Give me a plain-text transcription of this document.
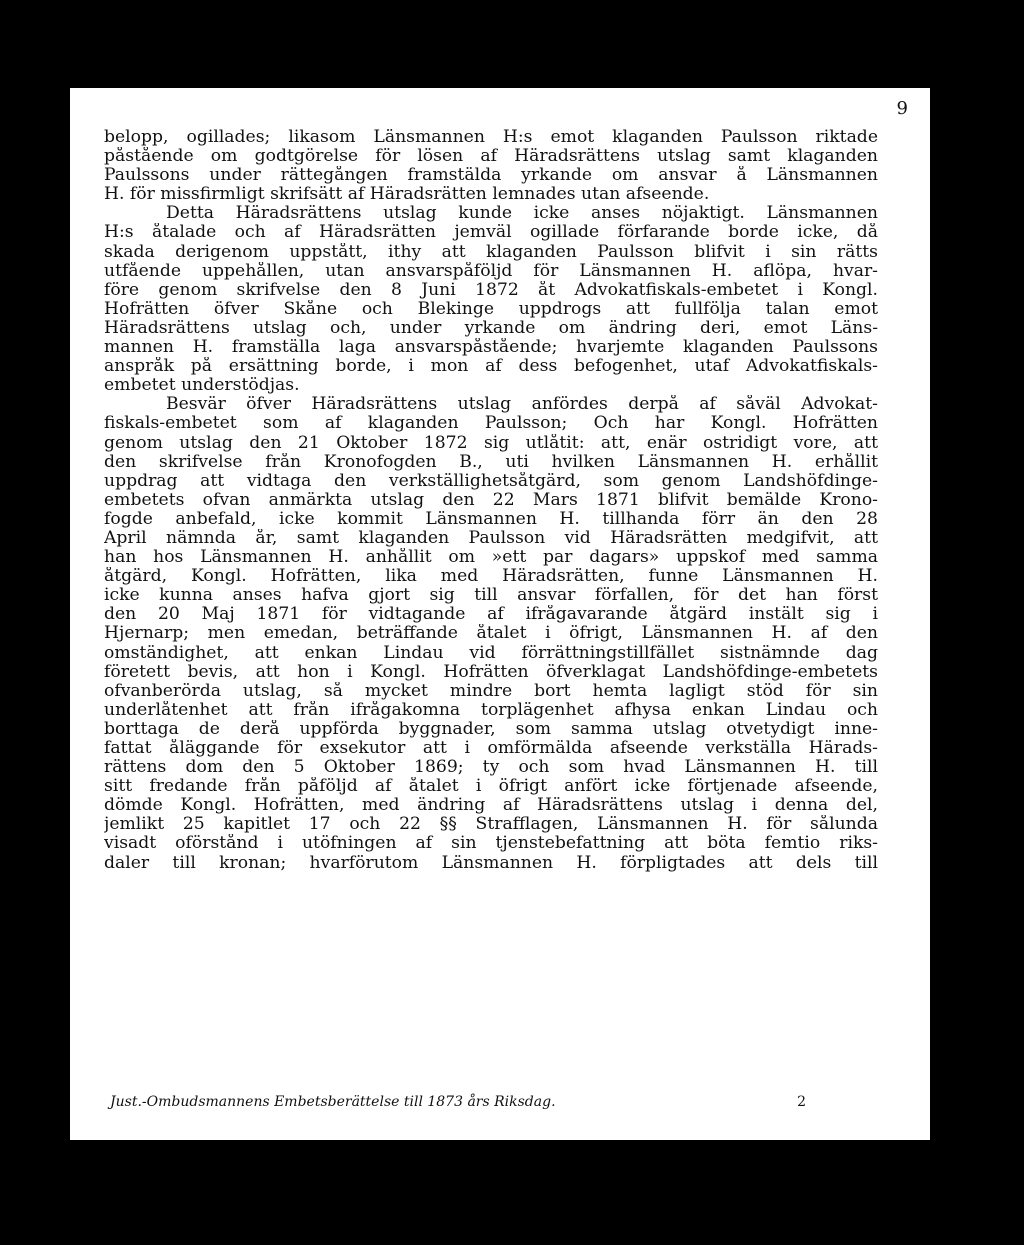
9
belopp, ogillades; likasom Länsmannen H:s emot klaganden Paulsson riktade
påstående om godtgörelse för lösen af Häradsrättens utslag samt klaganden
Paulssons under rättegången framstälda yrkande om ansvar å Länsmannen
H. för missfirmligt skrifsätt af Häradsrätten lemnades utan afseende.
Detta Häradsrättens utslag kunde icke anses nöjaktigt. Länsmannen
H:s åtalade och af Häradsrätten jemväl ogillade förfarande borde icke, då
skada derigenom uppstått, ithy att klaganden Paulsson blifvit i sin rätts
utfående uppehållen, utan ansvarspåföljd för Länsmannen H. aflöpa, hvar-
före genom skrifvelse den 8 Juni 1872 åt Advokatfiskals-embetet i Kongl.
Hofrätten öfver Skåne och Blekinge uppdrogs att fullfölja talan emot
Häradsrättens utslag och, under yrkande om ändring deri, emot Läns-
mannen H. framställa laga ansvarspåstående; hvarjemte klaganden Paulssons
anspråk på ersättning borde, i mon af dess befogenhet, utaf Advokatfiskals-
embetet understödjas.
Besvär öfver Häradsrättens utslag anfördes derpå af såväl Advokat-
fiskals-embetet som af klaganden Paulsson; Och har Kongl. Hofrätten
genom utslag den 21 Oktober 1872 sig utlåtit: att, enär ostridigt vore, att
den skrifvelse från Kronofogden B., uti hvilken Länsmannen H. erhållit
uppdrag att vidtaga den verkställighetsåtgärd, som genom Landshöfdinge-
embetets ofvan anmärkta utslag den 22 Mars 1871 blifvit bemälde Krono-
fogde anbefald, icke kommit Länsmannen H. tillhanda förr än den 28
April nämnda år, samt klaganden Paulsson vid Häradsrätten medgifvit, att
han hos Länsmannen H. anhållit om »ett par dagars» uppskof med samma
åtgärd, Kongl. Hofrätten, lika med Häradsrätten, funne Länsmannen H.
icke kunna anses hafva gjort sig till ansvar förfallen, för det han först
den 20 Maj 1871 för vidtagande af ifrågavarande åtgärd instält sig i
Hjernarp; men emedan, beträffande åtalet i öfrigt, Länsmannen H. af den
omständighet, att enkan Lindau vid förrättningstillfället sistnämnde dag
företett bevis, att hon i Kongl. Hofrätten öfverklagat Landshöfdinge-embetets
ofvanberörda utslag, så mycket mindre bort hemta lagligt stöd för sin
underlåtenhet att från ifrågakomna torplägenhet afhysa enkan Lindau och
borttaga de derå uppförda byggnader, som samma utslag otvetydigt inne-
fattat åläggande för exsekutor att i omförmälda afseende verkställa Härads-
rättens dom den 5 Oktober 1869; ty och som hvad Länsmannen H. till
sitt fredande från påföljd af åtalet i öfrigt anfört icke förtjenade afseende,
dömde Kongl. Hofrätten, med ändring af Häradsrättens utslag i denna del,
jemlikt 25 kapitlet 17 och 22 §§ Strafflagen, Länsmannen H. för sålunda
visadt oförstånd i utöfningen af sin tjenstebefattning att böta femtio riks-
daler till kronan; hvarförutom Länsmannen H. förpligtades att dels till
Just.-Ombudsmannens Embetsberättelse till 1873 års Riksdag.	2
